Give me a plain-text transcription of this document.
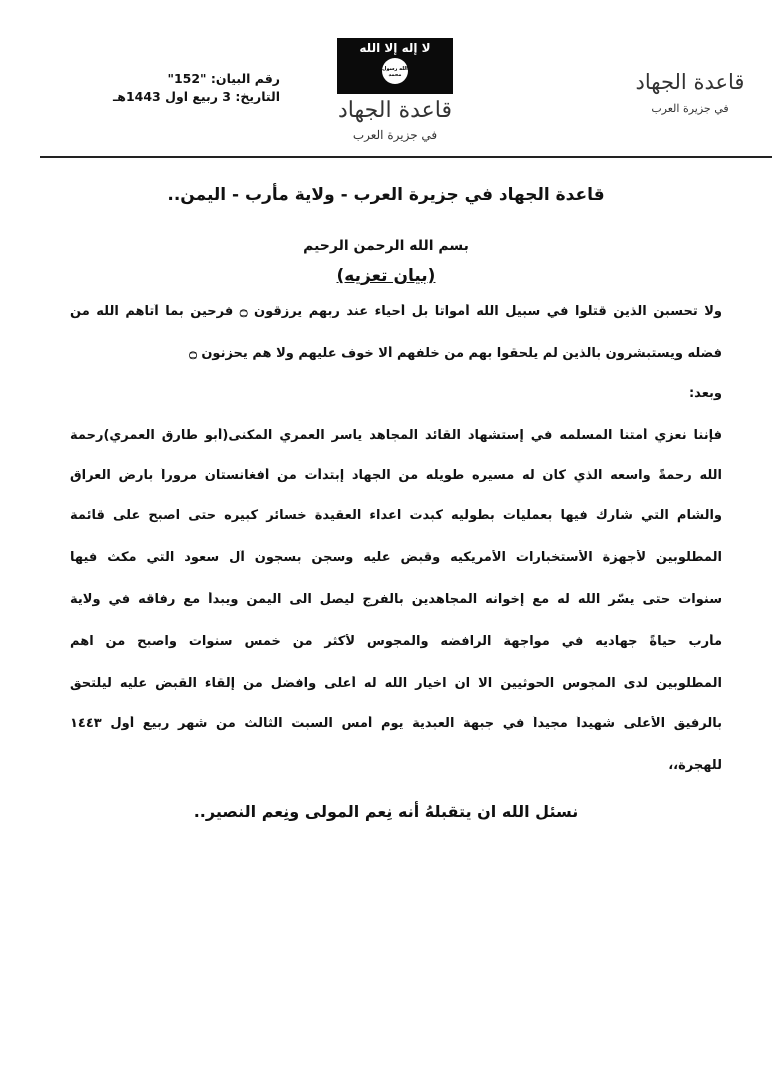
رقم البيان: "152"
التاريخ: 3 ربيع اول 1443هـ
لا إله إلا الله
الله رسول محمد
قاعدة الجهاد
في جزيرة العرب
قاعدة الجهاد
في جزيرة العرب
قاعدة الجهاد في جزيرة العرب - ولاية مأرب - اليمن..
بسم الله الرحمن الرحيم
(بيان تعزيه)
ولا تحسبن الذين قتلوا في سبيل الله أمواتا بل أحياء عند ربهم يرزقون ۝ فرحين بما آتاهم الله من
فضله ويستبشرون بالذين لم يلحقوا بهم من خلفهم ألا خوف عليهم ولا هم يحزنون ۝
وبعد:
فإننا نعزي أمتنا المسلمه في إستشهاد القائد المجاهد ياسر العمري المكنى(أبو طارق العمري)رحمة
الله رحمةً واسعه الذي كان له مسيره طويله من الجهاد إبتدأت من أفغانستان مروراً بارض العراق
والشام التي شارك فيها بعمليات بطوليه كبدت اعداء العقيدة خسائر كبيره حتى اصبح على قائمة
المطلوبين لأجهزة الأستخبارات الأمريكيه وقبض عليه وسجن بسجون آل سعود التي مكث فيها
سنوات حتى يسّر الله له مع إخوانه المجاهدين بالفرج ليصل الى اليمن ويبدأ مع رفاقه في ولاية
مأرب حياةً جهاديه في مواجهة الرافضه والمجوس لأكثر من خمس سنوات واصبح من اهم
المطلوبين لدى المجوس الحوثيين الا ان اخيار الله له أعلى وافضل من إلقاء القبض عليه ليلتحق
بالرفيق الأعلى شهيداً مجيداً في جبهة العبدية يوم أمس السبت الثالث من شهر ربيع أول ١٤٤٣
للهجرة،،
نسئل الله ان يتقبلهُ أنه نِعم المولى ونِعم النصير..
